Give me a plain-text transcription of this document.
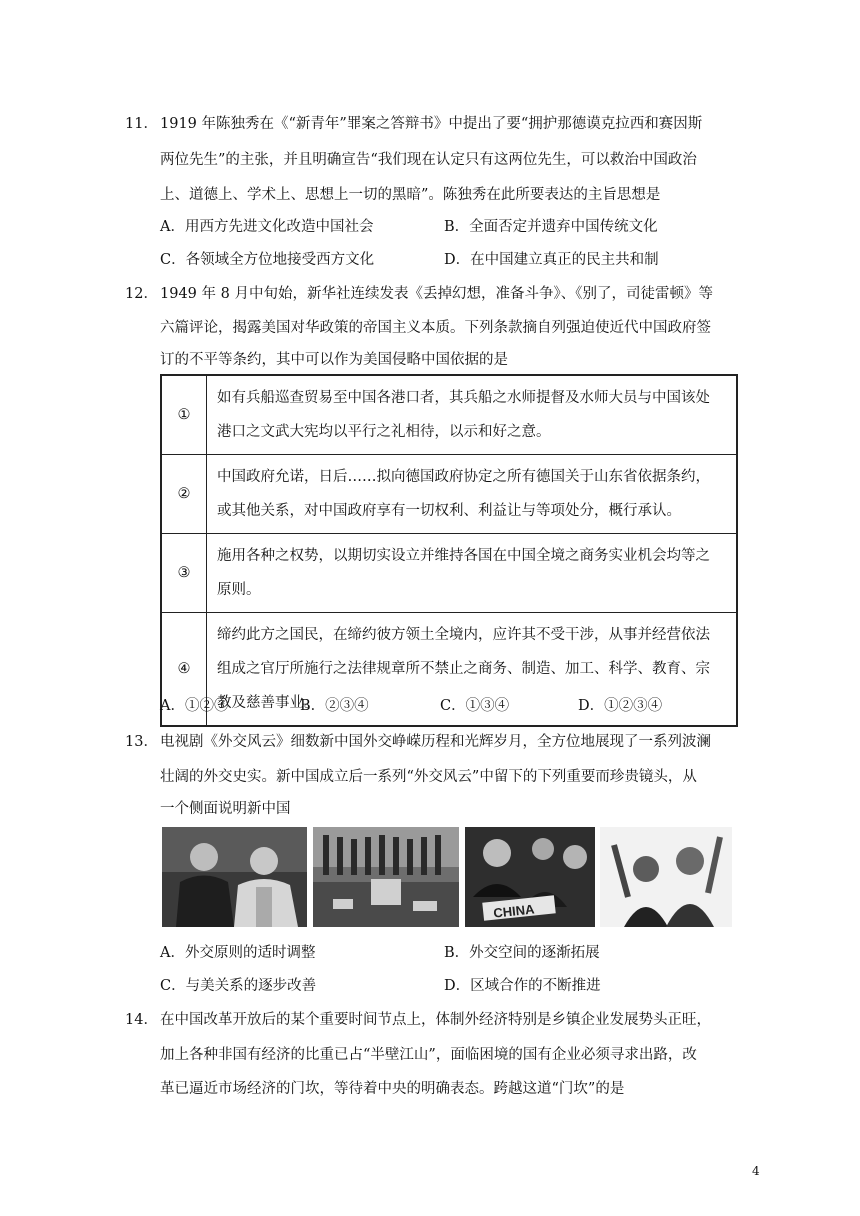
11． 1919 年陈独秀在《“新青年”罪案之答辩书》中提出了要“拥护那德谟克拉西和赛因斯
两位先生”的主张，并且明确宣告“我们现在认定只有这两位先生，可以救治中国政治
上、道德上、学术上、思想上一切的黑暗”。陈独秀在此所要表达的主旨思想是
A．用西方先进文化改造中国社会	B．全面否定并遗弃中国传统文化
C．各领域全方位地接受西方文化	D．在中国建立真正的民主共和制
12． 1949 年 8 月中旬始，新华社连续发表《丢掉幻想，准备斗争》、《别了，司徒雷顿》等
六篇评论，揭露美国对华政策的帝国主义本质。下列条款摘自列强迫使近代中国政府签
订的不平等条约，其中可以作为美国侵略中国依据的是
①	如有兵船巡查贸易至中国各港口者，其兵船之水师提督及水师大员与中国该处
港口之文武大宪均以平行之礼相待，以示和好之意。

②	中国政府允诺，日后……拟向德国政府协定之所有德国关于山东省依据条约，
或其他关系，对中国政府享有一切权利、利益让与等项处分，概行承认。

③	施用各种之权势，以期切实设立并维持各国在中国全境之商务实业机会均等之
原则。

④	缔约此方之国民，在缔约彼方领土全境内，应许其不受干涉，从事并经营依法
组成之官厅所施行之法律规章所不禁止之商务、制造、加工、科学、教育、宗
教及慈善事业。
A．①②③	B．②③④	C．①③④	D．①②③④
13． 电视剧《外交风云》细数新中国外交峥嵘历程和光辉岁月，全方位地展现了一系列波澜
壮阔的外交史实。新中国成立后一系列“外交风云”中留下的下列重要而珍贵镜头，从
一个侧面说明新中国
CHINA
A．外交原则的适时调整	B．外交空间的逐渐拓展
C．与美关系的逐步改善	D．区域合作的不断推进
14． 在中国改革开放后的某个重要时间节点上，体制外经济特别是乡镇企业发展势头正旺，
加上各种非国有经济的比重已占“半壁江山”，面临困境的国有企业必须寻求出路，改
革已逼近市场经济的门坎，等待着中央的明确表态。跨越这道“门坎”的是
4
